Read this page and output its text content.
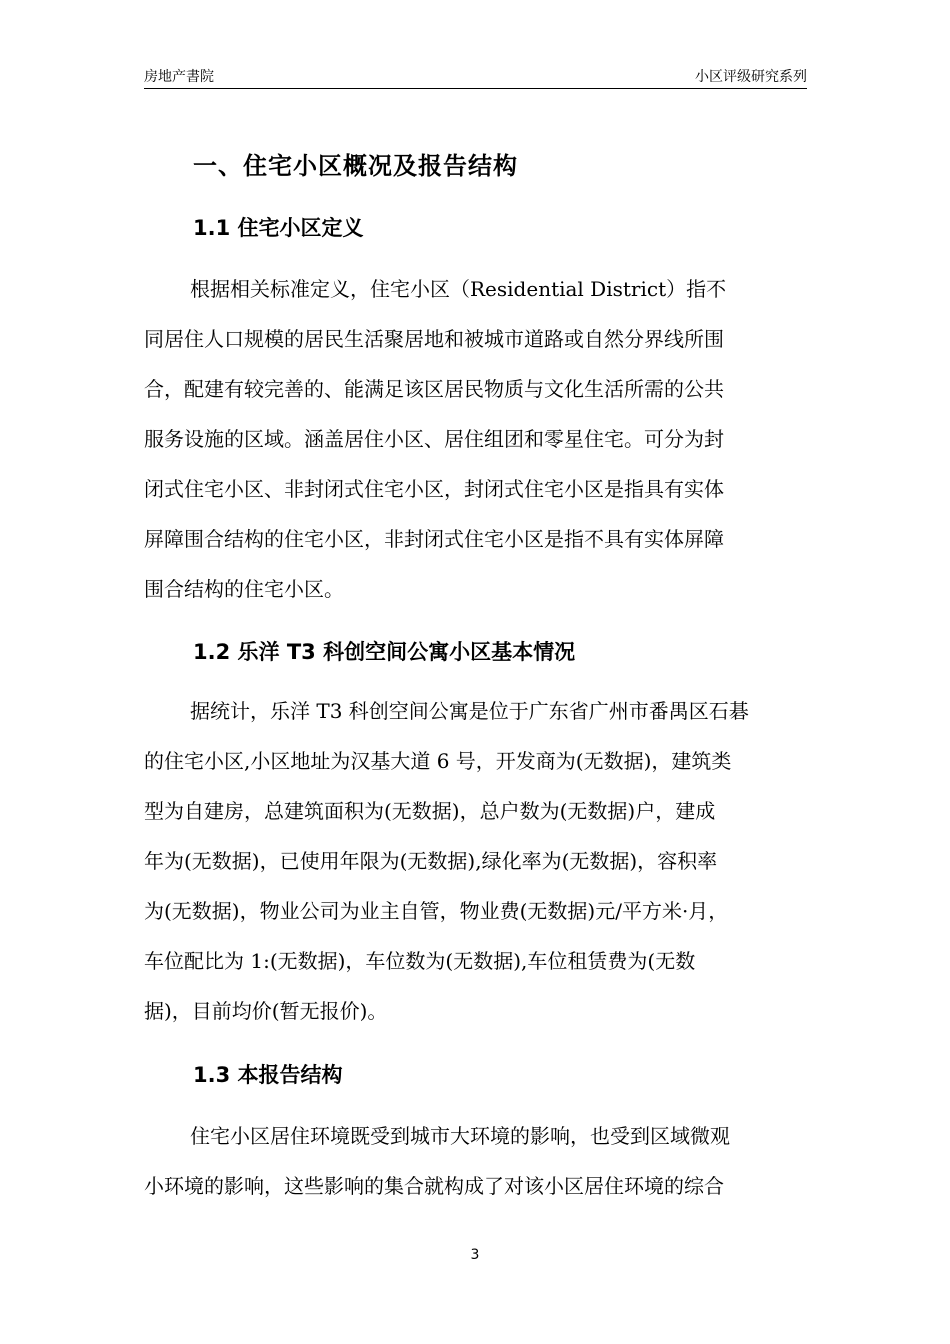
房地产書院	小区评级研究系列
一、住宅小区概况及报告结构
1.1 住宅小区定义
根据相关标准定义，住宅小区（Residential District）指不
同居住人口规模的居民生活聚居地和被城市道路或自然分界线所围
合，配建有较完善的、能满足该区居民物质与文化生活所需的公共
服务设施的区域。涵盖居住小区、居住组团和零星住宅。可分为封
闭式住宅小区、非封闭式住宅小区，封闭式住宅小区是指具有实体
屏障围合结构的住宅小区，非封闭式住宅小区是指不具有实体屏障
围合结构的住宅小区。
1.2 乐洋 T3 科创空间公寓小区基本情况
据统计，乐洋 T3 科创空间公寓是位于广东省广州市番禺区石碁
的住宅小区,小区地址为汉基大道 6 号，开发商为(无数据)，建筑类
型为自建房，总建筑面积为(无数据)，总户数为(无数据)户，建成
年为(无数据)，已使用年限为(无数据),绿化率为(无数据)，容积率
为(无数据)，物业公司为业主自管，物业费(无数据)元/平方米·月，
车位配比为 1:(无数据)，车位数为(无数据),车位租赁费为(无数
据)，目前均价(暂无报价)。
1.3 本报告结构
住宅小区居住环境既受到城市大环境的影响，也受到区域微观
小环境的影响，这些影响的集合就构成了对该小区居住环境的综合
3
